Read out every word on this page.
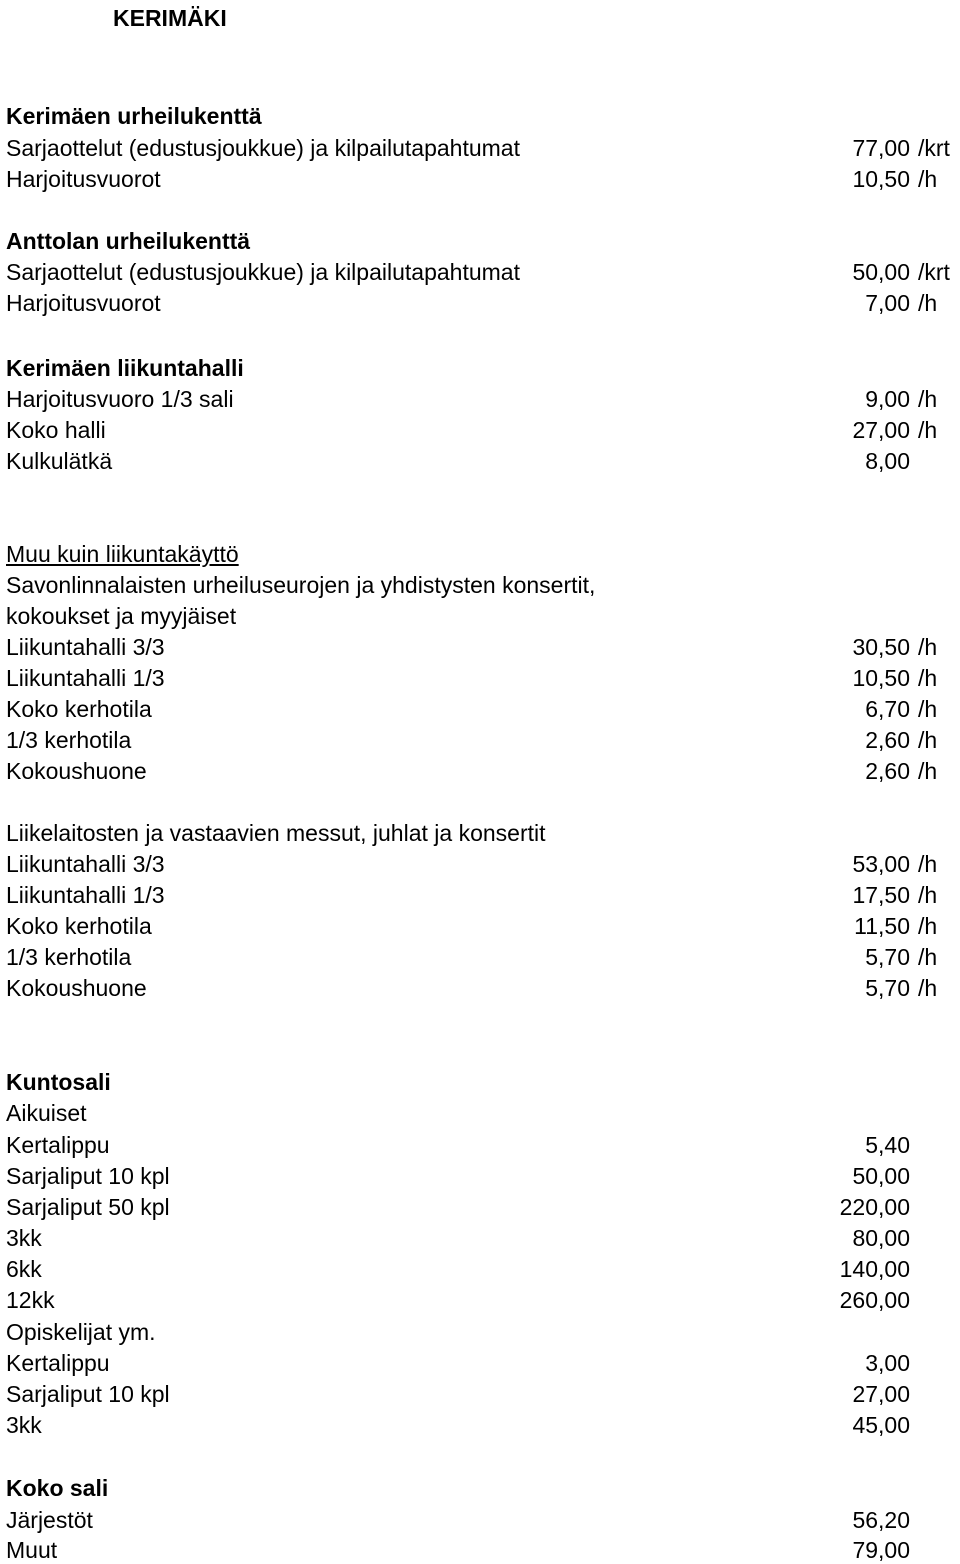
KERIMÄKI
Kerimäen urheilukenttä
Sarjaottelut (edustusjoukkue) ja kilpailutapahtumat	77,00 /krt
Harjoitusvuorot	10,50 /h
Anttolan urheilukenttä
Sarjaottelut (edustusjoukkue) ja kilpailutapahtumat	50,00 /krt
Harjoitusvuorot	7,00 /h
Kerimäen liikuntahalli
Harjoitusvuoro 1/3 sali	9,00 /h
Koko halli	27,00 /h
Kulkulätkä	8,00
Muu kuin liikuntakäyttö
Savonlinnalaisten urheiluseurojen ja yhdistysten konsertit,
kokoukset ja myyjäiset
Liikuntahalli 3/3	30,50 /h
Liikuntahalli 1/3	10,50 /h
Koko kerhotila	6,70 /h
1/3 kerhotila	2,60 /h
Kokoushuone	2,60 /h
Liikelaitosten ja vastaavien messut, juhlat ja konsertit
Liikuntahalli 3/3	53,00 /h
Liikuntahalli 1/3	17,50 /h
Koko kerhotila	11,50 /h
1/3 kerhotila	5,70 /h
Kokoushuone	5,70 /h
Kuntosali
Aikuiset
Kertalippu	5,40
Sarjaliput 10 kpl	50,00
Sarjaliput 50 kpl	220,00
3kk	80,00
6kk	140,00
12kk	260,00
Opiskelijat ym.
Kertalippu	3,00
Sarjaliput 10 kpl	27,00
3kk	45,00
Koko sali
Järjestöt	56,20
Muut	79,00
